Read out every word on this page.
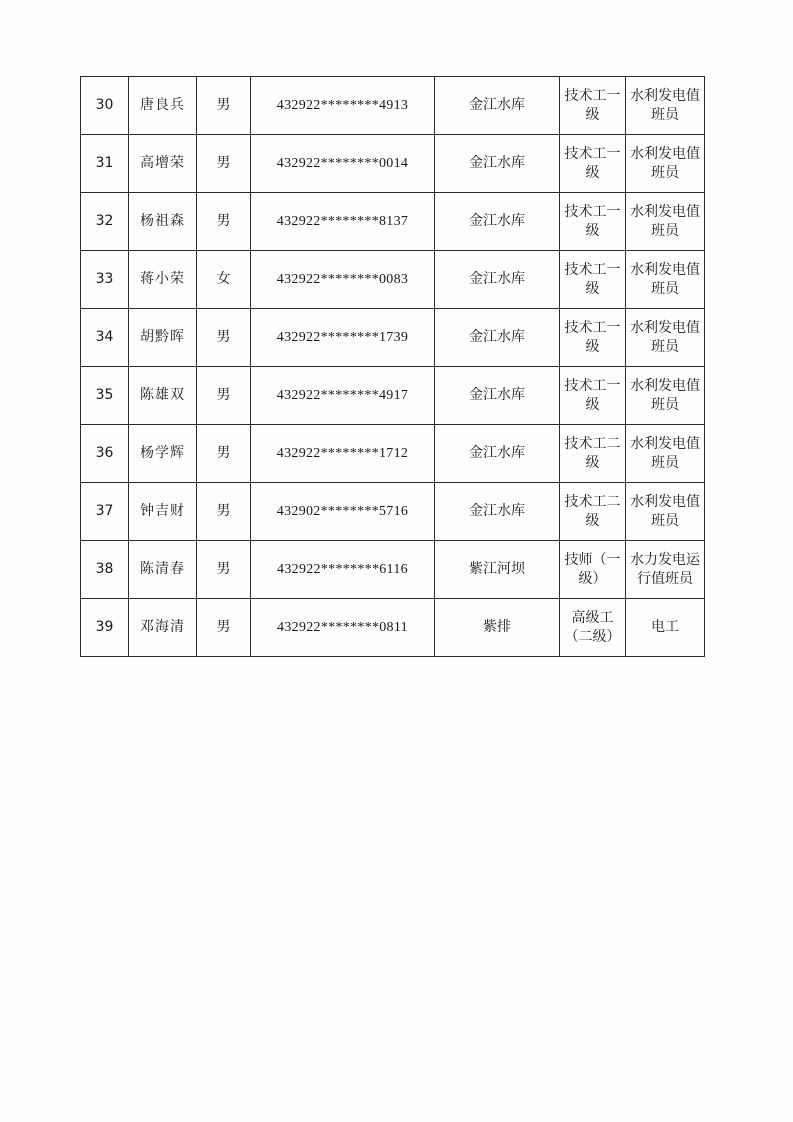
30	唐良兵	男	432922********4913	金江水库	技术工一级	水利发电值班员
31	高增荣	男	432922********0014	金江水库	技术工一级	水利发电值班员
32	杨祖森	男	432922********8137	金江水库	技术工一级	水利发电值班员
33	蒋小荣	女	432922********0083	金江水库	技术工一级	水利发电值班员
34	胡黔晖	男	432922********1739	金江水库	技术工一级	水利发电值班员
35	陈雄双	男	432922********4917	金江水库	技术工一级	水利发电值班员
36	杨学辉	男	432922********1712	金江水库	技术工二级	水利发电值班员
37	钟吉财	男	432902********5716	金江水库	技术工二级	水利发电值班员
38	陈清春	男	432922********6116	紫江河坝	技师（一级）	水力发电运行值班员
39	邓海清	男	432922********0811	紫排	高级工（二级）	电工
